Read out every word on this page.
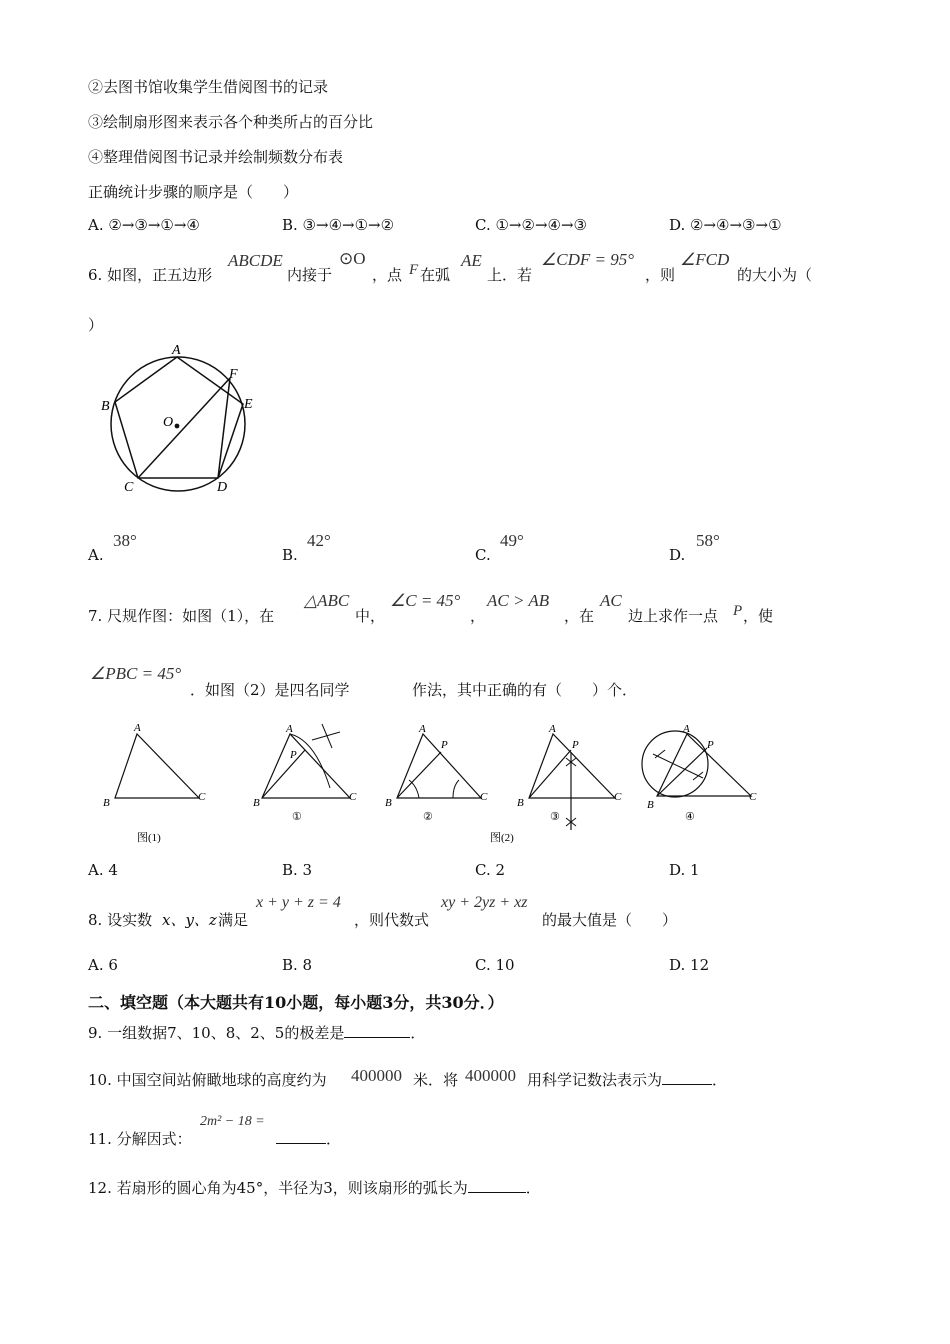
②去图书馆收集学生借阅图书的记录
③绘制扇形图来表示各个种类所占的百分比
④整理借阅图书记录并绘制频数分布表
正确统计步骤的顺序是（　　）
A. ②→③→①→④	B. ③→④→①→②	C. ①→②→④→③	D. ②→④→③→①
6. 如图，正五边形
ABCDE
内接于
⊙O
，点 F 在弧
AE
上．若
∠CDF = 95°
，则
∠FCD
的大小为（
）
A
F
B	E
O
C	D
A.
38°
B.
42°
C.
49°
D.
58°
7. 尺规作图：如图（1），在
△ABC
中，
∠C = 45°
，
AC > AB
，在
AC
边上求作一点 P ，使
∠PBC = 45°
．如图（2）是四名同学	作法，其中正确的有（　　）个．
A
B	C
图(1)
A
P
B	C
①
A
P
B	C
②
A
P
B	C
③
图(2)
A
P
B
C
④
A. 4	B. 3	C. 2	D. 1
8. 设实数 x、y、z 满足
x + y + z = 4
，则代数式
xy + 2yz + xz
的最大值是（　　）
A. 6	B. 8	C. 10	D. 12
二、填空题（本大题共有10小题，每小题3分，共30分．）
9. 一组数据7、10、8、2、5的极差是	．
10. 中国空间站俯瞰地球的高度约为 400000 米．将 400000 用科学记数法表示为	．
11. 分解因式：
2m² − 18 =
．
12. 若扇形的圆心角为45°，半径为3，则该扇形的弧长为	．
